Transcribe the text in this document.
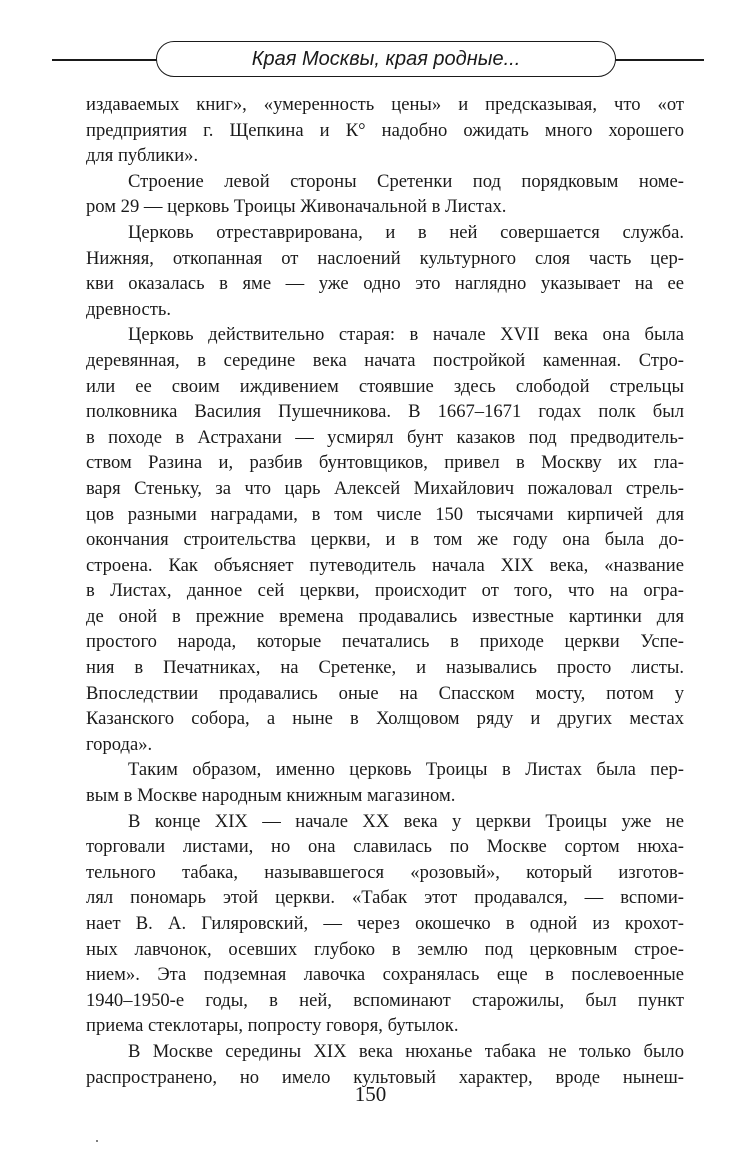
Края Москвы, края родные...
издаваемых книг», «умеренность цены» и предсказывая, что «от
предприятия г. Щепкина и К° надобно ожидать много хорошего
для публики».
Строение левой стороны Сретенки под порядковым номе-
ром 29 — церковь Троицы Живоначальной в Листах.
Церковь отреставрирована, и в ней совершается служба.
Нижняя, откопанная от наслоений культурного слоя часть цер-
кви оказалась в яме — уже одно это наглядно указывает на ее
древность.
Церковь действительно старая: в начале XVII века она была
деревянная, в середине века начата постройкой каменная. Стро-
или ее своим иждивением стоявшие здесь слободой стрельцы
полковника Василия Пушечникова. В 1667–1671 годах полк был
в походе в Астрахани — усмирял бунт казаков под предводитель-
ством Разина и, разбив бунтовщиков, привел в Москву их гла-
варя Стеньку, за что царь Алексей Михайлович пожаловал стрель-
цов разными наградами, в том числе 150 тысячами кирпичей для
окончания строительства церкви, и в том же году она была до-
строена. Как объясняет путеводитель начала XIX века, «название
в Листах, данное сей церкви, происходит от того, что на огра-
де оной в прежние времена продавались известные картинки для
простого народа, которые печатались в приходе церкви Успе-
ния в Печатниках, на Сретенке, и назывались просто листы.
Впоследствии продавались оные на Спасском мосту, потом у
Казанского собора, а ныне в Холщовом ряду и других местах
города».
Таким образом, именно церковь Троицы в Листах была пер-
вым в Москве народным книжным магазином.
В конце XIX — начале XX века у церкви Троицы уже не
торговали листами, но она славилась по Москве сортом нюха-
тельного табака, называвшегося «розовый», который изготов-
лял пономарь этой церкви. «Табак этот продавался, — вспоми-
нает В. А. Гиляровский, — через окошечко в одной из крохот-
ных лавчонок, осевших глубоко в землю под церковным строе-
нием». Эта подземная лавочка сохранялась еще в послевоенные
1940–1950-е годы, в ней, вспоминают старожилы, был пункт
приема стеклотары, попросту говоря, бутылок.
В Москве середины XIX века нюханье табака не только было
распространено, но имело культовый характер, вроде нынеш-
150
